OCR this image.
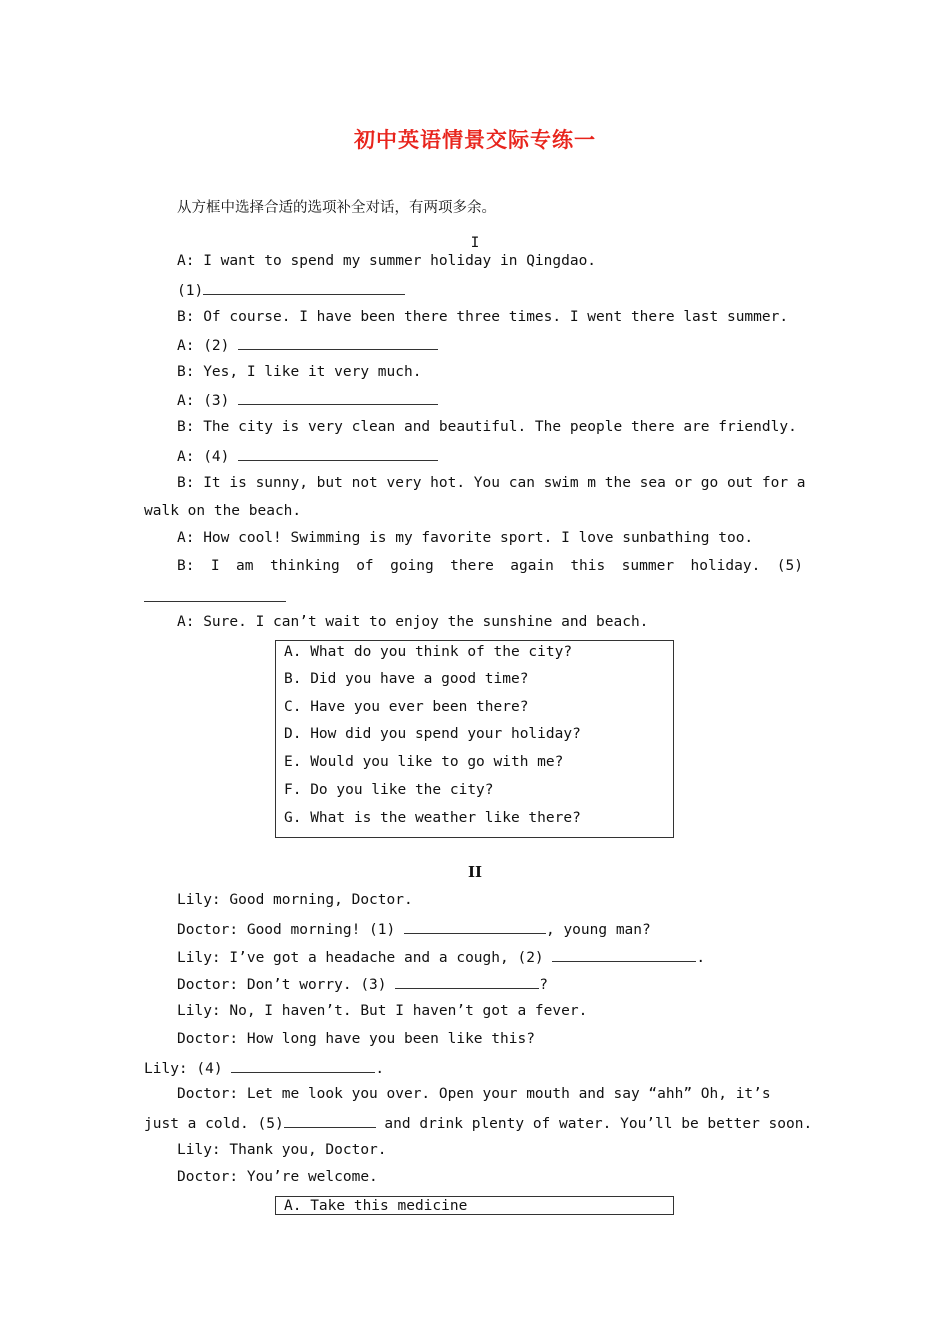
初中英语情景交际专练一
从方框中选择合适的选项补全对话，有两项多余。
I
A: I want to spend my summer holiday in Qingdao.
(1)
B: Of course. I have been there three times. I went there last summer.
A: (2)
B: Yes, I like it very much.
A: (3)
B: The city is very clean and beautiful. The people there are friendly.
A: (4)
B: It is sunny, but not very hot. You can swim m the sea or go out for a
walk on the beach.
A: How cool! Swimming is my favorite sport. I love sunbathing too.
B: I am thinking of going there again this summer holiday. (5)
A: Sure. I can’t wait to enjoy the sunshine and beach.
A. What do you think of the city?
B. Did you have a good time?
C. Have you ever been there?
D. How did you spend your holiday?
E. Would you like to go with me?
F. Do you like the city?
G. What is the weather like there?
II
Lily: Good morning, Doctor.
Doctor: Good morning! (1)	, young man?
Lily: I’ve got a headache and a cough, (2)	.
Doctor: Don’t worry. (3)	?
Lily: No, I haven’t. But I haven’t got a fever.
Doctor: How long have you been like this?
Lily: (4)	.
Doctor: Let me look you over. Open your mouth and say “ahh” Oh, it’s
just a cold. (5)	and drink plenty of water. You’ll be better soon.
Lily: Thank you, Doctor.
Doctor: You’re welcome.
A. Take this medicine
